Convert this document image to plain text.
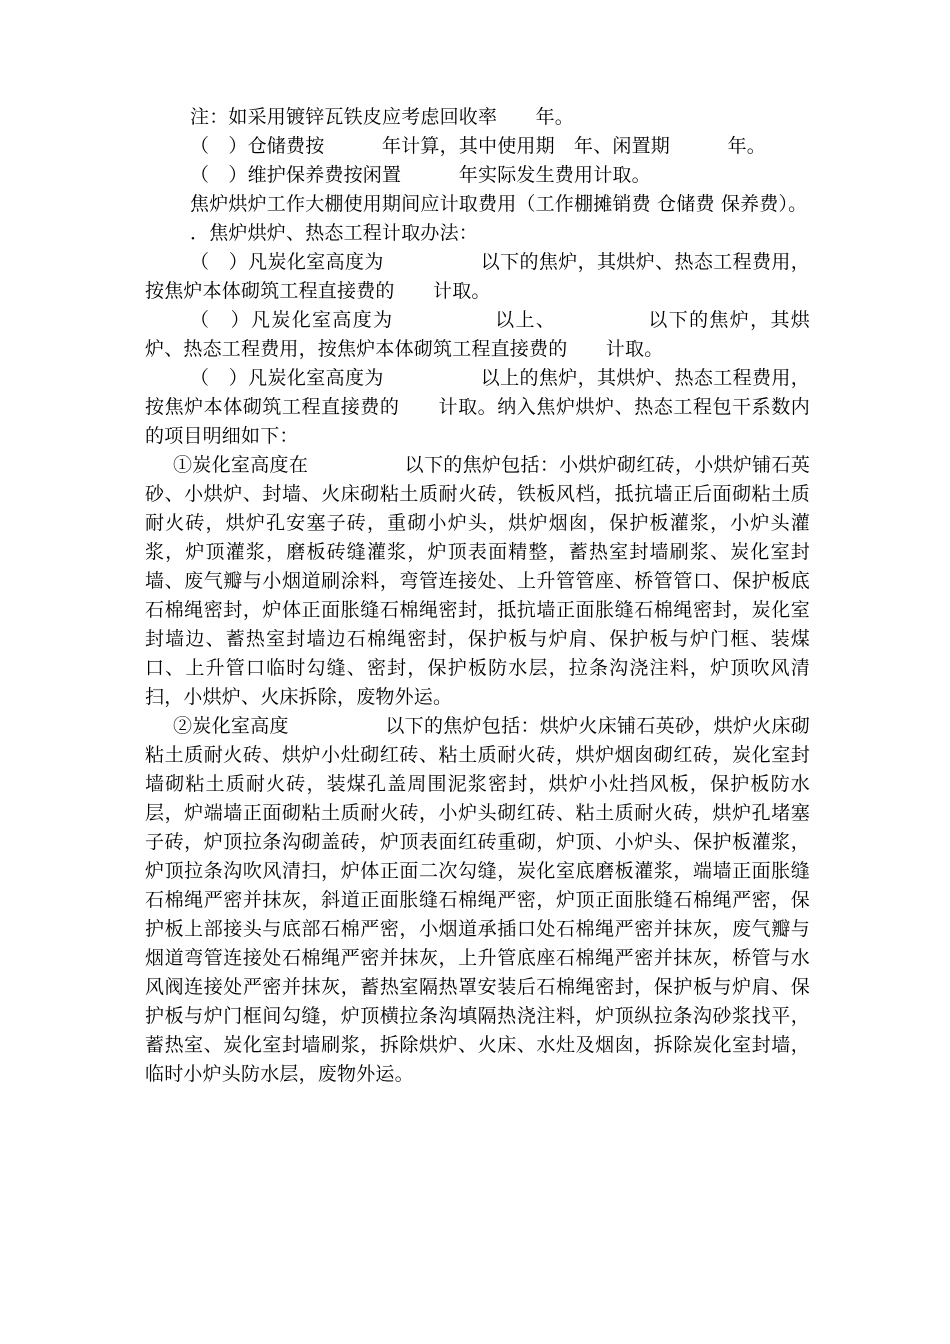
注：如采用镀锌瓦铁皮应考虑回收率　　年。

（　）仓储费按　　　年计算，其中使用期　年、闲置期　　　年。

（　）维护保养费按闲置　　　年实际发生费用计取。

焦炉烘炉工作大棚使用期间应计取费用（工作棚摊销费 仓储费 保养费）。

．焦炉烘炉、热态工程计取办法：

（　）凡炭化室高度为　　　　　以下的焦炉，其烘炉、热态工程费用，按焦炉本体砌筑工程直接费的　　计取。

（　）凡炭化室高度为　　　　　以上、　　　　　以下的焦炉，其烘炉、热态工程费用，按焦炉本体砌筑工程直接费的　　计取。

（　）凡炭化室高度为　　　　　以上的焦炉，其烘炉、热态工程费用，按焦炉本体砌筑工程直接费的　　计取。纳入焦炉烘炉、热态工程包干系数内的项目明细如下：

①炭化室高度在　　　　　以下的焦炉包括：小烘炉砌红砖，小烘炉铺石英砂、小烘炉、封墙、火床砌粘土质耐火砖，铁板风档，抵抗墙正后面砌粘土质耐火砖，烘炉孔安塞子砖，重砌小炉头，烘炉烟囱，保护板灌浆，小炉头灌浆，炉顶灌浆，磨板砖缝灌浆，炉顶表面精整，蓄热室封墙刷浆、炭化室封墙、废气瓣与小烟道刷涂料，弯管连接处、上升管管座、桥管管口、保护板底石棉绳密封，炉体正面胀缝石棉绳密封，抵抗墙正面胀缝石棉绳密封，炭化室封墙边、蓄热室封墙边石棉绳密封，保护板与炉肩、保护板与炉门框、装煤口、上升管口临时勾缝、密封，保护板防水层，拉条沟浇注料，炉顶吹风清扫，小烘炉、火床拆除，废物外运。

②炭化室高度　　　　　以下的焦炉包括：烘炉火床铺石英砂，烘炉火床砌粘土质耐火砖、烘炉小灶砌红砖、粘土质耐火砖，烘炉烟囱砌红砖，炭化室封墙砌粘土质耐火砖，装煤孔盖周围泥浆密封，烘炉小灶挡风板，保护板防水层，炉端墙正面砌粘土质耐火砖，小炉头砌红砖、粘土质耐火砖，烘炉孔堵塞子砖，炉顶拉条沟砌盖砖，炉顶表面红砖重砌，炉顶、小炉头、保护板灌浆，炉顶拉条沟吹风清扫，炉体正面二次勾缝，炭化室底磨板灌浆，端墙正面胀缝石棉绳严密并抹灰，斜道正面胀缝石棉绳严密，炉顶正面胀缝石棉绳严密，保护板上部接头与底部石棉严密，小烟道承插口处石棉绳严密并抹灰，废气瓣与烟道弯管连接处石棉绳严密并抹灰，上升管底座石棉绳严密并抹灰，桥管与水风阀连接处严密并抹灰，蓄热室隔热罩安装后石棉绳密封，保护板与炉肩、保护板与炉门框间勾缝，炉顶横拉条沟填隔热浇注料，炉顶纵拉条沟砂浆找平，蓄热室、炭化室封墙刷浆，拆除烘炉、火床、水灶及烟囱，拆除炭化室封墙，临时小炉头防水层，废物外运。
